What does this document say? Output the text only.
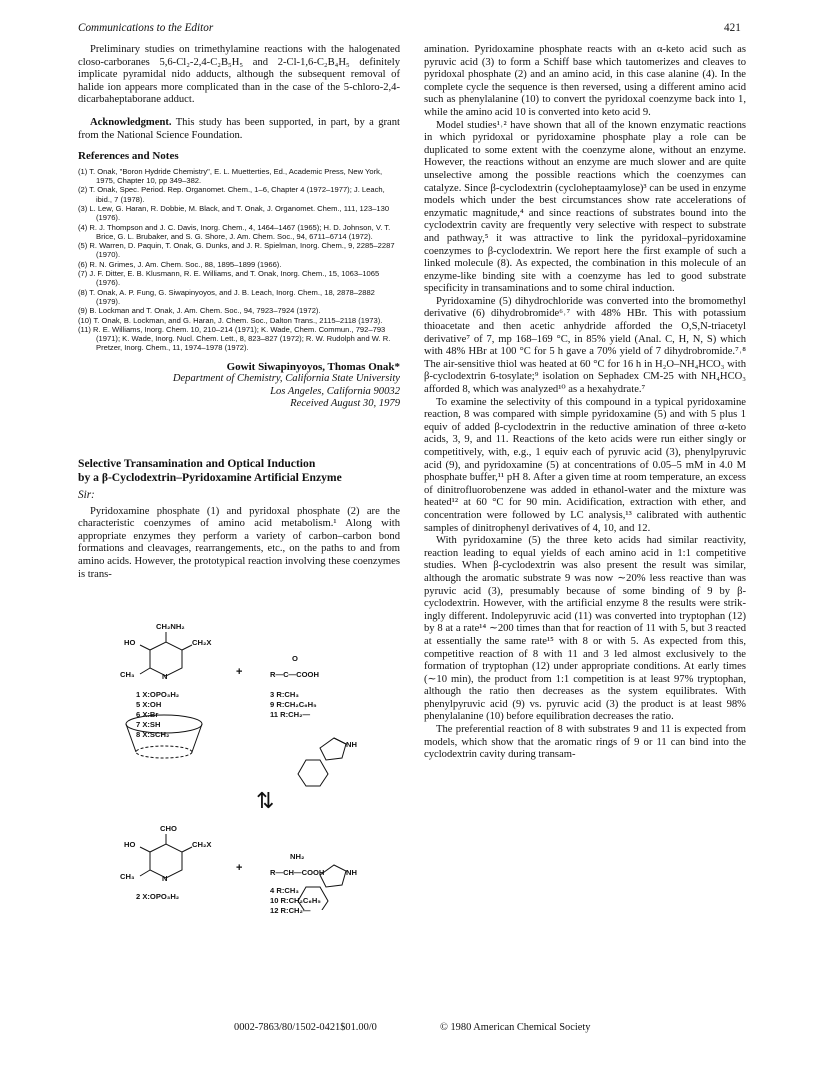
Communications to the Editor	421

Preliminary studies on trimethylamine reactions with the halogenated closo-carboranes 5,6-Cl₂-2,4-C₂B₅H₅ and 2-Cl-1,6-C₂B₄H₅ definitely implicate pyramidal nido adducts, although the subsequent removal of halide ion appears more complicated than in the case of the 5-chloro-2,4-dicarbaheptaborane adduct.

Acknowledgment. This study has been supported, in part, by a grant from the National Science Foundation.

References and Notes
(1) T. Onak, "Boron Hydride Chemistry", E. L. Muetterties, Ed., Academic Press, New York, 1975, Chapter 10, pp 349–382.
(2) T. Onak, Spec. Period. Rep. Organomet. Chem., 1–6, Chapter 4 (1972–1977); J. Leach, ibid., 7 (1978).
(3) L. Lew, G. Haran, R. Dobbie, M. Black, and T. Onak, J. Organomet. Chem., 111, 123–130 (1976).
(4) R. J. Thompson and J. C. Davis, Inorg. Chem., 4, 1464–1467 (1965); H. D. Johnson, V. T. Brice, G. L. Brubaker, and S. G. Shore, J. Am. Chem. Soc., 94, 6711–6714 (1972).
(5) R. Warren, D. Paquin, T. Onak, G. Dunks, and J. R. Spielman, Inorg. Chem., 9, 2285–2287 (1970).
(6) R. N. Grimes, J. Am. Chem. Soc., 88, 1895–1899 (1966).
(7) J. F. Ditter, E. B. Klusmann, R. E. Williams, and T. Onak, Inorg. Chem., 15, 1063–1065 (1976).
(8) T. Onak, A. P. Fung, G. Siwapinyoyos, and J. B. Leach, Inorg. Chem., 18, 2878–2882 (1979).
(9) B. Lockman and T. Onak, J. Am. Chem. Soc., 94, 7923–7924 (1972).
(10) T. Onak, B. Lockman, and G. Haran, J. Chem. Soc., Dalton Trans., 2115–2118 (1973).
(11) R. E. Williams, Inorg. Chem. 10, 210–214 (1971); K. Wade, Chem. Commun., 792–793 (1971); K. Wade, Inorg. Nucl. Chem. Lett., 8, 823–827 (1972); R. W. Rudolph and W. R. Pretzer, Inorg. Chem., 11, 1974–1978 (1972).
Gowit Siwapinyoyos, Thomas Onak*
Department of Chemistry, California State University
Los Angeles, California 90032
Received August 30, 1979
Selective Transamination and Optical Induction
by a β-Cyclodextrin–Pyridoxamine Artificial Enzyme
Sir:

Pyridoxamine phosphate (1) and pyridoxal phosphate (2) are the characteristic coenzymes of amino acid metabolism.¹ Along with appropriate enzymes they perform a variety of carbon–carbon bond formations and cleavages, rearrangements, etc., on the paths to and from amino acids. However, the prototypical reaction involving these coenzymes is trans-

CH₂NH₂
HO	CH₂X
CH₃	N	+
O
R—C—COOH
1 X:OPO₃H₂
5 X:OH
6 X:Br
7 X:SH
8 X:SCH₂
3 R:CH₃
9 R:CH₂C₆H₅
11 R:CH₂—
NH
⇅
CHO
HO	CH₂X
CH₃	N
+
NH₂
R—CH—COOH
2 X:OPO₃H₂
4 R:CH₃
10 R:CH₂C₆H₅
12 R:CH₂—
NH

amination. Pyridoxamine phosphate reacts with an α-keto acid such as pyruvic acid (3) to form a Schiff base which tautomerizes and cleaves to pyridoxal phosphate (2) and an amino acid, in this case alanine (4). In the complete cycle the sequence is then reversed, using a different amino acid such as phenylalanine (10) to convert the pyridoxal coenzyme back into 1, while the amino acid 10 is converted into keto acid 9.

Model studies¹˒² have shown that all of the known enzymatic reactions in which pyridoxal or pyridoxamine phosphate play a role can be duplicated to some extent with the coenzyme alone, without an enzyme. However, the reactions without an enzyme are much slower and are quite unselective among the possible reactions which the coenzymes can catalyze. Since β-cyclodextrin (cycloheptaamylose)³ can be used in enzyme models which under the best circumstances show rate accelerations of enzymatic magnitude,⁴ and since reactions of substrates bound into the cyclodextrin cavity are frequently very selective with respect to substrate and pathway,⁵ it was attractive to link the pyridoxal–pyridoxamine coenzymes to β-cyclodextrin. We report here the first example of such a linked molecule (8). As expected, the combination in this molecule of an enzyme-like binding site with a coenzyme has led to good substrate specificity in transaminations and to some chiral induction.

Pyridoxamine (5) dihydrochloride was converted into the bromomethyl derivative (6) dihydrobromide⁶˒⁷ with 48% HBr. This with potassium thioacetate and then acetic anhydride afforded the O,S,N-triacetyl derivative⁷ of 7, mp 168–169 °C, in 85% yield (Anal. C, H, N, S) which with 48% HBr at 100 °C for 5 h gave a 70% yield of 7 dihydrobromide.⁷˒⁸ The air-sensitive thiol was heated at 60 °C for 16 h in H₂O–NH₄HCO₃ with β-cyclodextrin 6-tosylate;⁹ isolation on Sephadex CM-25 with NH₄HCO₃ afforded 8, which was analyzed¹⁰ as a hexahydrate.⁷

To examine the selectivity of this compound in a typical pyridoxamine reaction, 8 was compared with simple pyridoxamine (5) and with 5 plus 1 equiv of added β-cyclodextrin in the reductive amination of three α-keto acids, 3, 9, and 11. Reactions of the keto acids were run either singly or competitively, with, e.g., 1 equiv each of pyruvic acid (3), phenylpyruvic acid (9), and pyridoxamine (5) at concentrations of 0.05–5 mM in 4.0 M phosphate buffer,¹¹ pH 8. After a given time at room temperature, an excess of dinitrofluorobenzene was added in ethanol-water and the mixture was heated¹² at 60 °C for 90 min. Acidification, extraction with ether, and concentration were followed by LC analysis,¹³ calibrated with authentic samples of dinitrophenyl derivatives of 4, 10, and 12.

With pyridoxamine (5) the three keto acids had similar reactivity, reaction leading to equal yields of each amino acid in 1:1 competitive studies. When β-cyclodextrin was also present the result was similar, although the aromatic substrate 9 was now ∼20% less reactive than was pyruvic acid (3), presumably because of some binding of 9 by β-cyclodextrin. However, with the artificial enzyme 8 the results were strikingly different. Indolepyruvic acid (11) was converted into tryptophan (12) by 8 at a rate¹⁴ ∼200 times than that for reaction of 11 with 5, but 3 reacted at essentially the same rate¹⁵ with 8 or with 5. As expected from this, competitive reaction of 8 with 11 and 3 led almost exclusively to the formation of tryptophan (12) under appropriate conditions. At early times (∼10 min), the product from 1:1 competition is at least 97% tryptophan, although the ratio then decreases as the system equilibrates. With phenylpyruvic acid (9) vs. pyruvic acid (3) the product is at least 98% phenylalanine (10) before equilibration decreases the ratio.

The preferential reaction of 8 with substrates 9 and 11 is expected from models, which show that the aromatic rings of 9 or 11 can bind into the cyclodextrin cavity during transam-

0002-7863/80/1502-0421$01.00/0	© 1980 American Chemical Society
